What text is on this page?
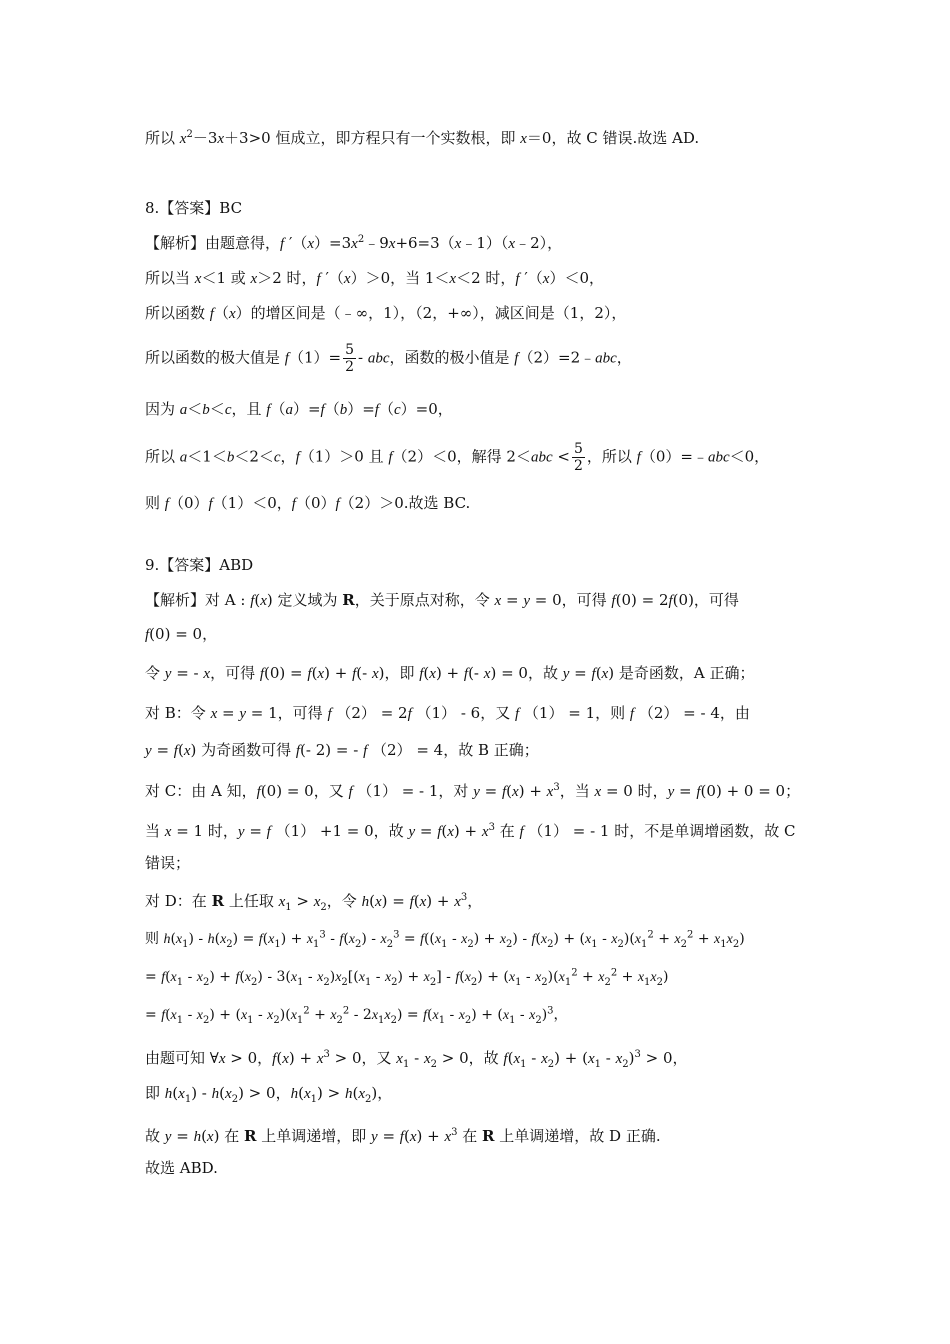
所以 $x^2-3x+3>0$ 恒成立，即方程只有一个实数根，即 x＝0，故 C 错误.故选 AD.
8.【答案】BC
【解析】由题意得，f $'(x)=3x^2﹣9x+6=3(x﹣1)(x﹣2)$，
所以当 x＜1 或 x＞2 时，f ′（x）＞0，当 1＜x＜2 时，f ′（x）＜0，
所以函数 f（x）的增区间是（﹣∞，1），（2，+∞），减区间是（1，2），
所以函数的极大值是 $f(1)= \frac{5}{2}$ - abc，函数的极小值是 f（2）=2﹣abc，
因为 a＜b＜c，且 f（a）=f（b）=f（c）=0，
所以 a＜1＜b＜2＜c，f（1）＞0 且 f（2）＜0，解得 $2<abc < \frac{5}{2}$ ，所以 f（0）=﹣abc＜0，
则 f（0）f（1）＜0，f（0）f（2）＞0.故选 BC.
9.【答案】ABD
【解析】对 A : f(x) 定义域为 R，关于原点对称，令 x = y = 0，可得 f(0) = 2f(0)，可得
f(0) = 0，
令 y = - x，可得 f(0) = f(x) + f(- x)，即 f(x) + f(- x) = 0，故 y = f(x) 是奇函数，A 正确；
对 B：令 x = y = 1，可得 f （2） = 2f （1） - 6，又 f （1） = 1，则 f （2） = - 4，由
y = f(x) 为奇函数可得 f(- 2) = - f （2） = 4，故 B 正确；
对 C：由 A 知，f(0) = 0，又 f （1） = - 1，对 $y = f(x) + x^3$，当 x = 0 时，y = f(0) + 0 = 0；
当 x = 1 时，y = f （1） +1 = 0，故 $y = f(x) + x^3$ 在 f （1） = - 1 时，不是单调增函数，故 C
错误；
对 D：在 R 上任取 $x_1 > x_2$，令 $h(x) = f(x) + x^3$，
则 $h(x_1) - h(x_2) = f(x_1) + x_1^3 - f(x_2) - x_2^3 = f((x_1 - x_2) + x_2) - f(x_2) + (x_1 - x_2)(x_1^2 + x_2^2 + x_1x_2)$
= $f(x_1 - x_2) + f(x_2) - 3(x_1 - x_2)x_2[(x_1 - x_2) + x_2] - f(x_2) + (x_1 - x_2)(x_1^2 + x_2^2 + x_1x_2)$
= $f(x_1 - x_2) + (x_1 - x_2)(x_1^2 + x_2^2 - 2x_1x_2) = f(x_1 - x_2) + (x_1 - x_2)^3$，
由题可知 ∀x > 0，$f(x) + x^3 > 0$，又 $x_1 - x_2 > 0$，故 $f(x_1 - x_2) + (x_1 - x_2)^3 > 0$，
即 $h(x_1) - h(x_2) > 0$，$h(x_1) > h(x_2)$，
故 y = h(x) 在 R 上单调递增，即 $y = f(x) + x^3$ 在 R 上单调递增，故 D 正确.
故选 ABD.
